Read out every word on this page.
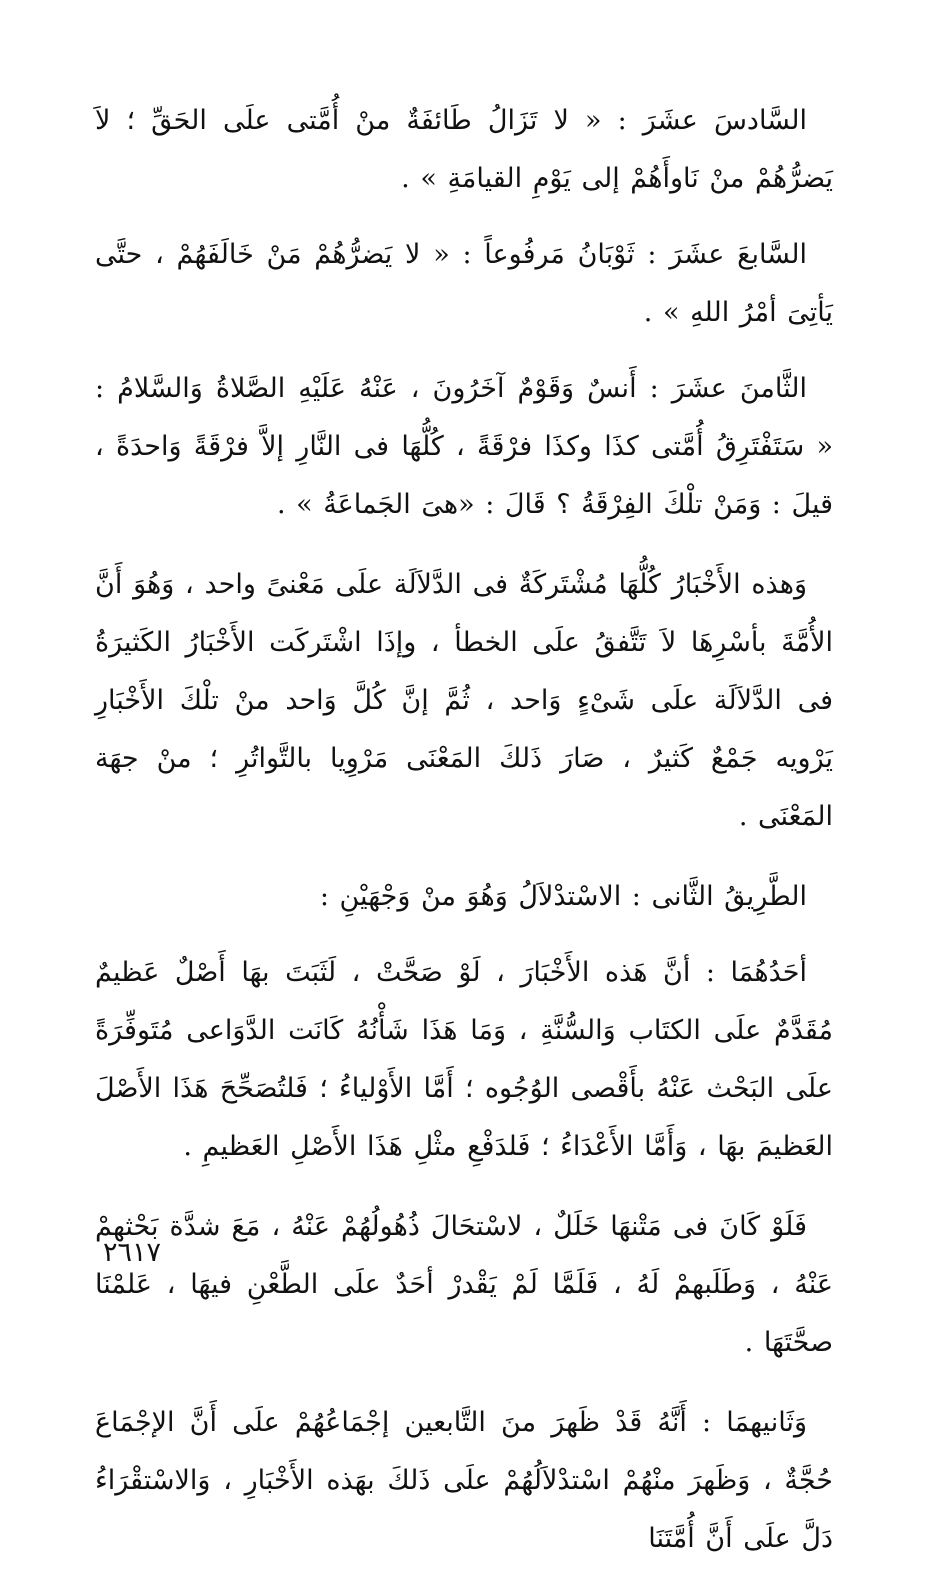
السَّادسَ عشَرَ : « لا تَزَالُ طَائفَةٌ منْ أُمَّتى علَى الحَقِّ ؛ لاَ يَضرُّهُمْ منْ نَاوأَهُمْ إلى يَوْمِ القيامَةِ » .

السَّابعَ عشَرَ : ثَوْبَانُ مَرفُوعاً : « لا يَضرُّهُمْ مَنْ خَالَفَهُمْ ، حتَّى يَأتِىَ أمْرُ اللهِ » .

الثَّامنَ عشَرَ : أَنسٌ وَقَوْمٌ آخَرُونَ ، عَنْهُ عَلَيْهِ الصَّلاةُ وَالسَّلامُ : « سَتَفْتَرِقُ أُمَّتى كذَا وكذَا فرْقَةً ، كُلُّهَا فى النَّارِ إلاَّ فرْقَةً وَاحدَةً ، قيلَ : وَمَنْ تلْكَ الفِرْقَةُ ؟ قَالَ : «هىَ الجَماعَةُ » .

وَهذه الأَخْبَارُ كُلُّهَا مُشْتَركَةٌ فى الدَّلاَلَة علَى مَعْنىً واحد ، وَهُوَ أَنَّ الأُمَّةَ بأسْرِهَا لاَ تَتَّفقُ علَى الخطأ ، وإذَا اشْتَركَت الأَخْبَارُ الكَثيرَةُ فى الدَّلاَلَة علَى شَىْءٍ وَاحد ، ثُمَّ إنَّ كُلَّ وَاحد منْ تلْكَ الأَخْبَارِ يَرْويه جَمْعٌ كَثيرٌ ، صَارَ ذَلكَ المَعْنَى مَرْوِيا بالتَّواتُرِ ؛ منْ جهَة المَعْنَى .

الطَّرِيقُ الثَّانى : الاسْتدْلاَلُ وَهُوَ منْ وَجْهَيْنِ :

أحَدُهُمَا : أنَّ هَذه الأَخْبَارَ ، لَوْ صَحَّتْ ، لَثَبَتَ بهَا أَصْلٌ عَظيمٌ مُقَدَّمٌ علَى الكتَاب وَالسُّنَّةِ ، وَمَا هَذَا شَأْنُهُ كَانَت الدَّوَاعى مُتَوفِّرَةً علَى البَحْث عَنْهُ بأَقْصى الوُجُوه ؛ أَمَّا الأَوْلياءُ ؛ فَلتُصَحِّحَ هَذَا الأَصْلَ العَظيمَ بهَا ، وَأَمَّا الأَعْدَاءُ ؛ فَلدَفْعِ مثْلِ هَذَا الأَصْلِ العَظيمِ .

فَلَوْ كَانَ فى مَتْنهَا خَلَلٌ ، لاسْتحَالَ ذُهُولُهُمْ عَنْهُ ، مَعَ شدَّة بَحْثهمْ عَنْهُ ، وَطَلَبهمْ لَهُ ، فَلَمَّا لَمْ يَقْدرْ أحَدٌ علَى الطَّعْنِ فيهَا ، عَلمْنَا صحَّتَهَا .

وَثَانيهمَا : أَنَّهُ قَدْ ظَهرَ منَ التَّابعين إجْمَاعُهُمْ علَى أَنَّ الإجْمَاعَ حُجَّةٌ ، وَظَهرَ منْهُمْ اسْتدْلاَلُهُمْ علَى ذَلكَ بهَذه الأَخْبَارِ ، وَالاسْتقْرَاءُ دَلَّ علَى أَنَّ أُمَّتَنَا

٢٦١٧
